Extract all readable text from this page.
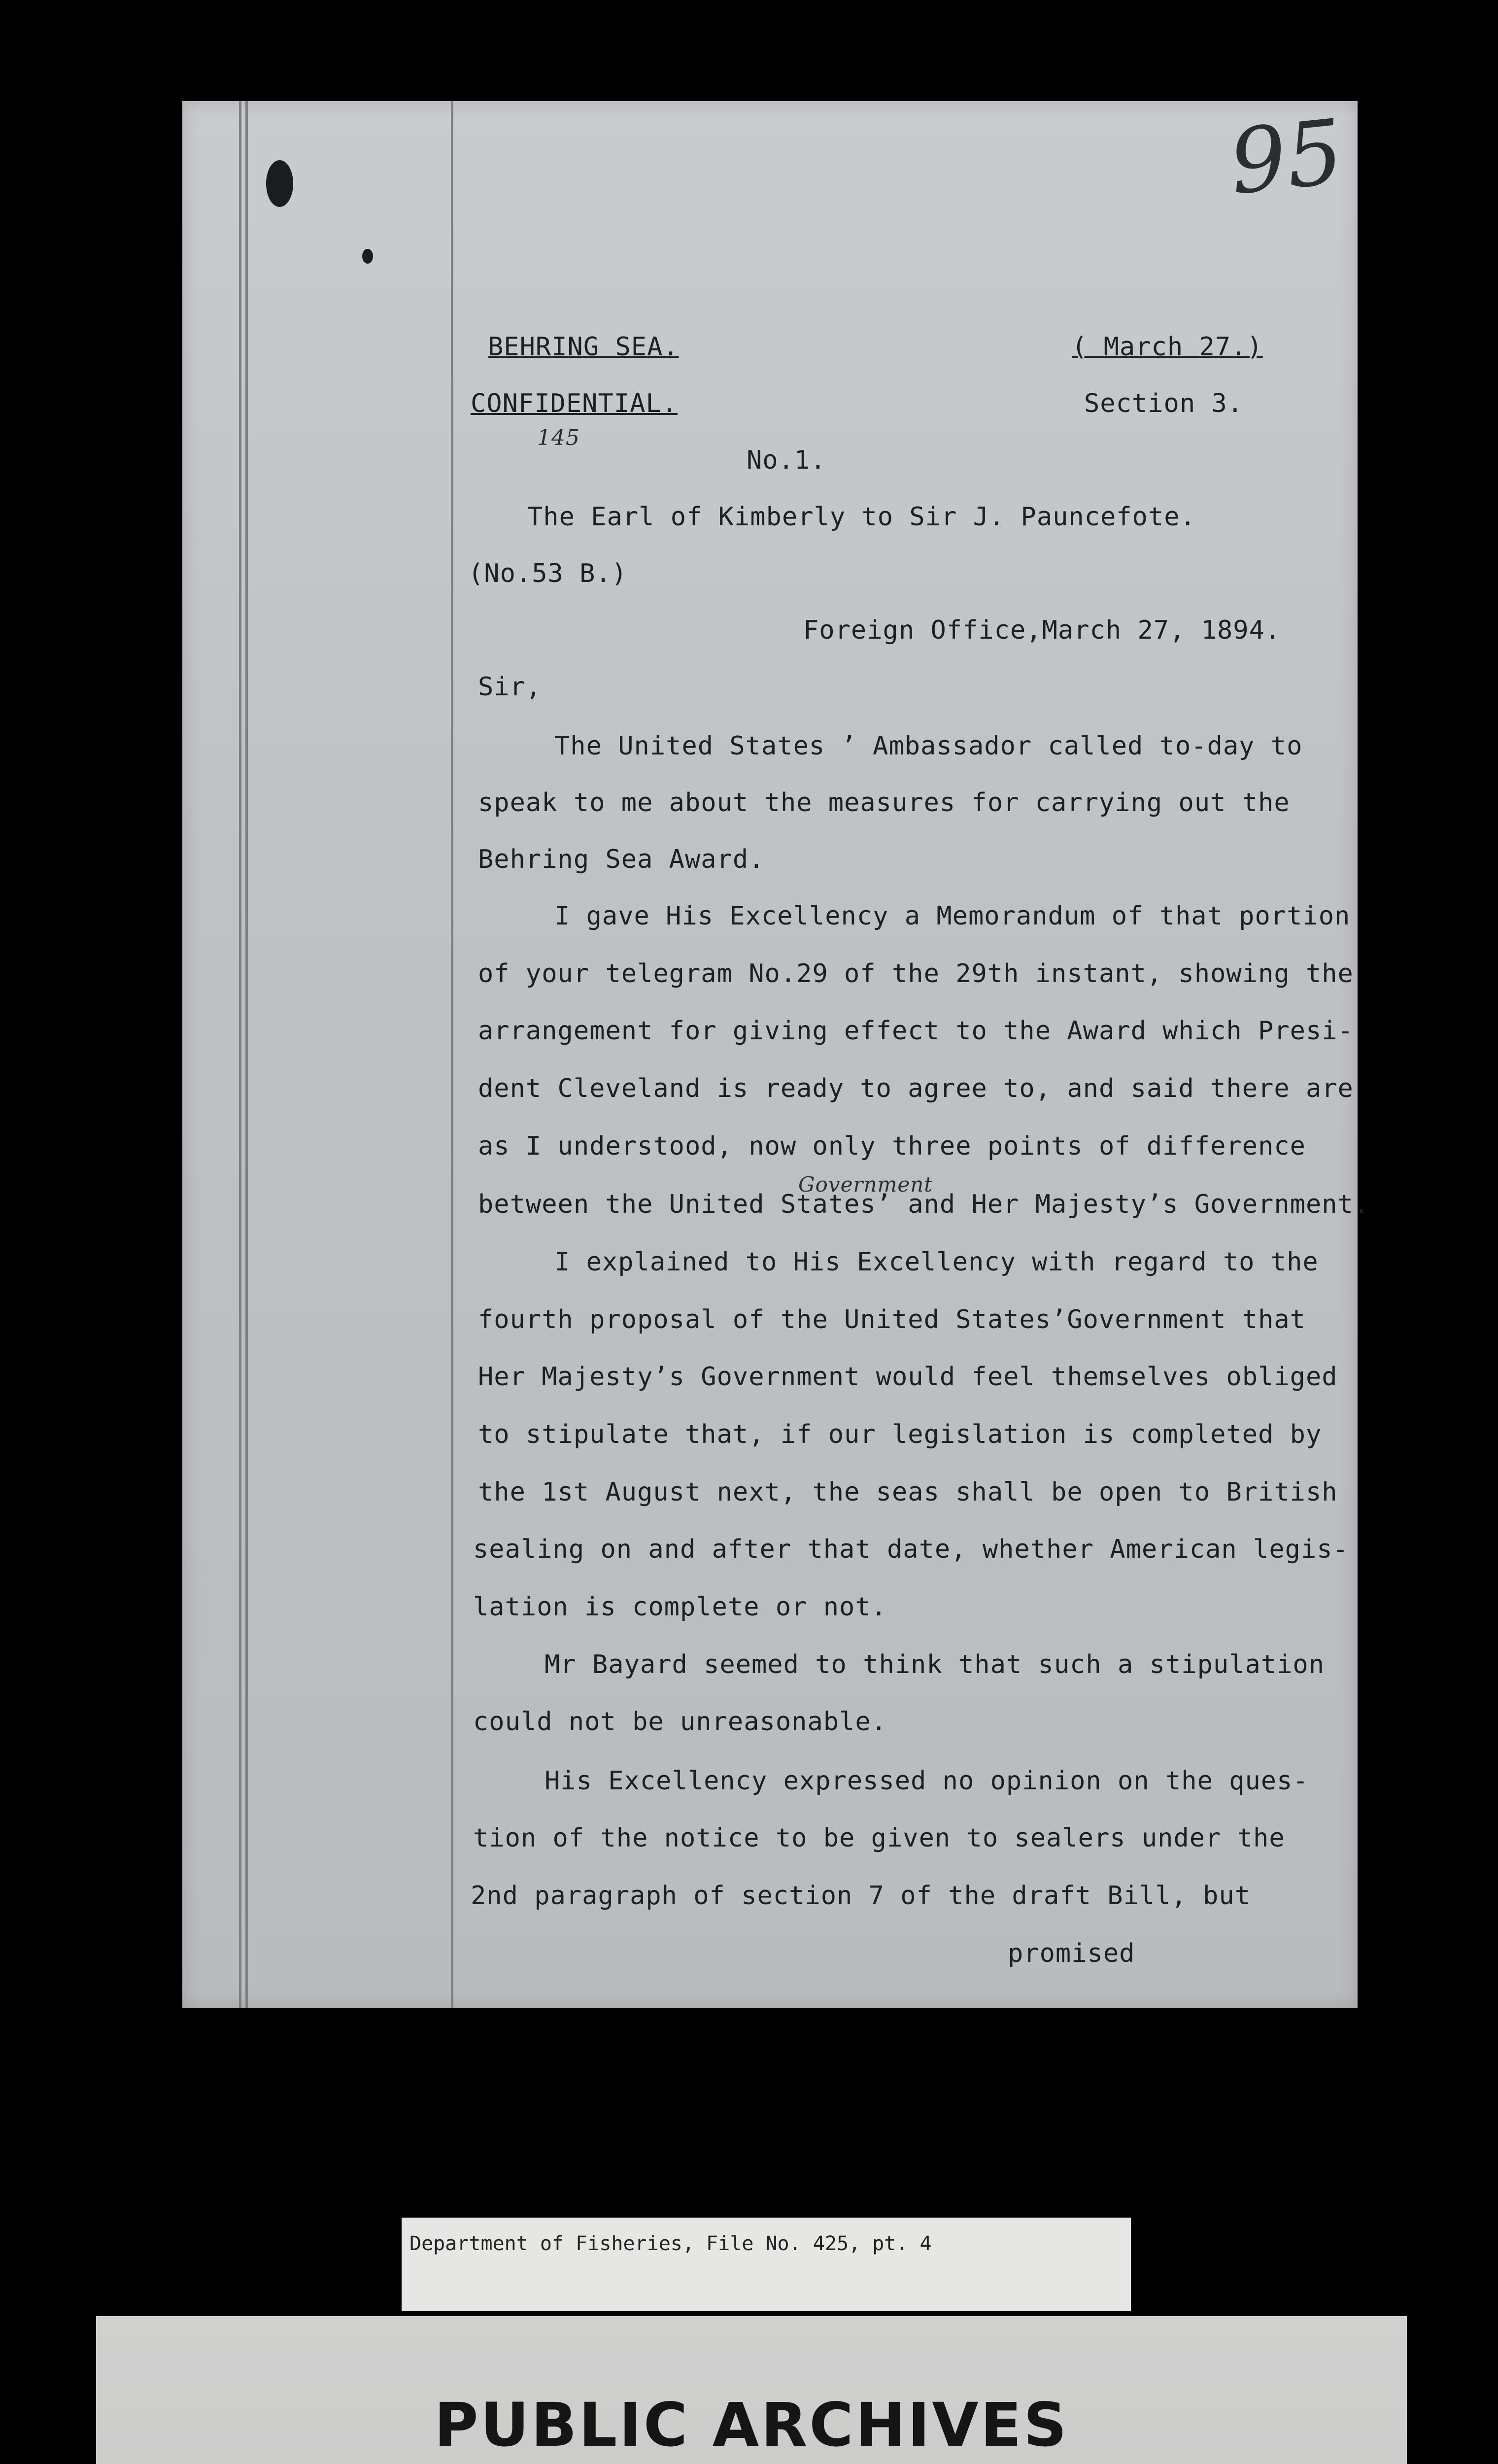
95
BEHRING SEA.	( March 27.)
CONFIDENTIAL.	Section 3.
145
No.1.
The Earl of Kimberly to Sir J. Pauncefote.
(No.53 B.)
Foreign Office,March 27, 1894.
Sir,
The United States ’ Ambassador called to-day to
speak to me about the measures for carrying out the
Behring Sea Award.
I gave His Excellency a Memorandum of that portion
of your telegram No.29 of the 29th instant, showing the
arrangement for giving effect to the Award which Presi-
dent Cleveland is ready to agree to, and said there are
as I understood, now only three points of difference
Government
between the United States’ and Her Majesty’s Government.
I explained to His Excellency with regard to the
fourth proposal of the United States’Government that
Her Majesty’s Government would feel themselves obliged
to stipulate that, if our legislation is completed by
the 1st August next, the seas shall be open to British
sealing on and after that date, whether American legis-
lation is complete or not.
Mr Bayard seemed to think that such a stipulation
could not be unreasonable.
His Excellency expressed no opinion on the ques-
tion of the notice to be given to sealers under the
2nd paragraph of section 7 of the draft Bill, but
promised
Department of Fisheries, File No. 425, pt. 4
PUBLIC ARCHIVES
